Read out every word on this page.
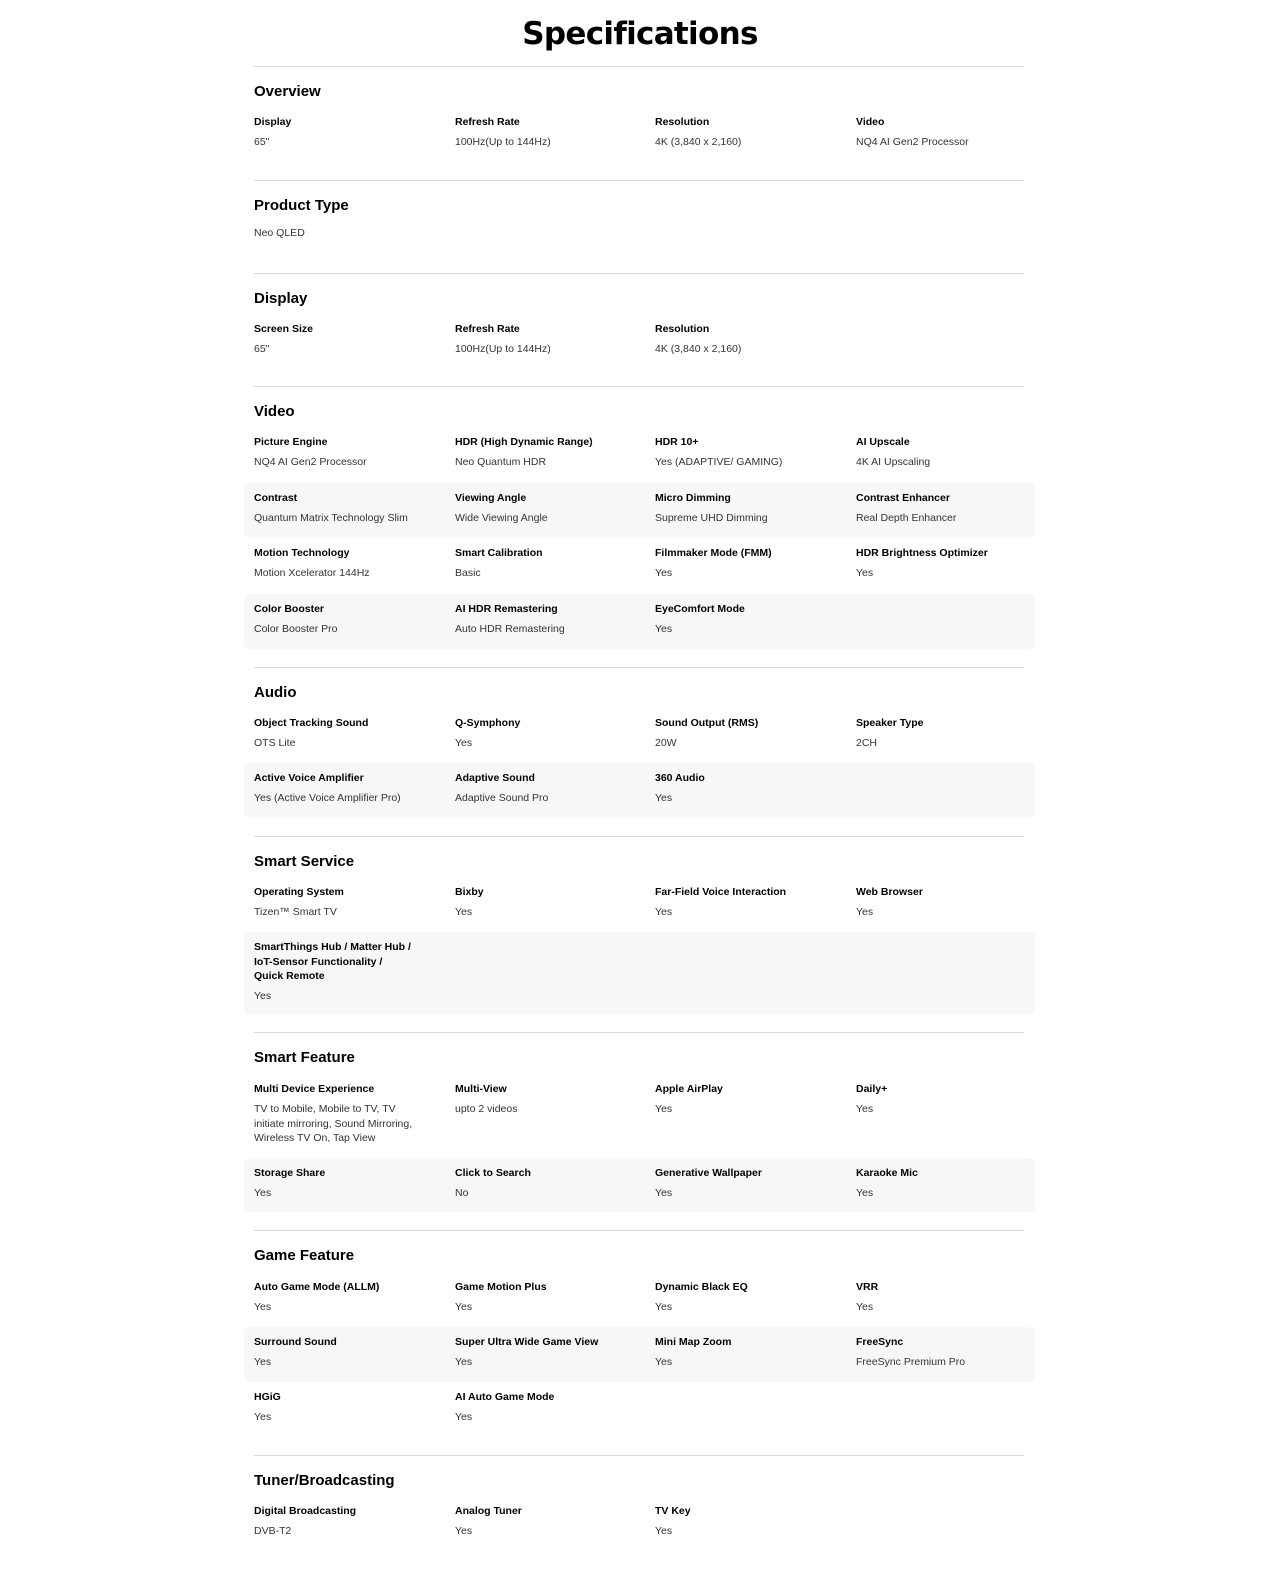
Specifications
Overview
Display
65"
Refresh Rate
100Hz(Up to 144Hz)
Resolution
4K (3,840 x 2,160)
Video
NQ4 AI Gen2 Processor
Product Type
Neo QLED
Display
Screen Size
65"
Refresh Rate
100Hz(Up to 144Hz)
Resolution
4K (3,840 x 2,160)
Video
Picture Engine
NQ4 AI Gen2 Processor
HDR (High Dynamic Range)
Neo Quantum HDR
HDR 10+
Yes (ADAPTIVE/ GAMING)
AI Upscale
4K AI Upscaling
Contrast
Quantum Matrix Technology Slim
Viewing Angle
Wide Viewing Angle
Micro Dimming
Supreme UHD Dimming
Contrast Enhancer
Real Depth Enhancer
Motion Technology
Motion Xcelerator 144Hz
Smart Calibration
Basic
Filmmaker Mode (FMM)
Yes
HDR Brightness Optimizer
Yes
Color Booster
Color Booster Pro
AI HDR Remastering
Auto HDR Remastering
EyeComfort Mode
Yes
Audio
Object Tracking Sound
OTS Lite
Q-Symphony
Yes
Sound Output (RMS)
20W
Speaker Type
2CH
Active Voice Amplifier
Yes (Active Voice Amplifier Pro)
Adaptive Sound
Adaptive Sound Pro
360 Audio
Yes
Smart Service
Operating System
Tizen™ Smart TV
Bixby
Yes
Far-Field Voice Interaction
Yes
Web Browser
Yes
SmartThings Hub / Matter Hub / IoT-Sensor Functionality / Quick Remote
Yes
Smart Feature
Multi Device Experience
TV to Mobile, Mobile to TV, TV initiate mirroring, Sound Mirroring, Wireless TV On, Tap View
Multi-View
upto 2 videos
Apple AirPlay
Yes
Daily+
Yes
Storage Share
Yes
Click to Search
No
Generative Wallpaper
Yes
Karaoke Mic
Yes
Game Feature
Auto Game Mode (ALLM)
Yes
Game Motion Plus
Yes
Dynamic Black EQ
Yes
VRR
Yes
Surround Sound
Yes
Super Ultra Wide Game View
Yes
Mini Map Zoom
Yes
FreeSync
FreeSync Premium Pro
HGiG
Yes
AI Auto Game Mode
Yes
Tuner/Broadcasting
Digital Broadcasting
DVB-T2
Analog Tuner
Yes
TV Key
Yes
